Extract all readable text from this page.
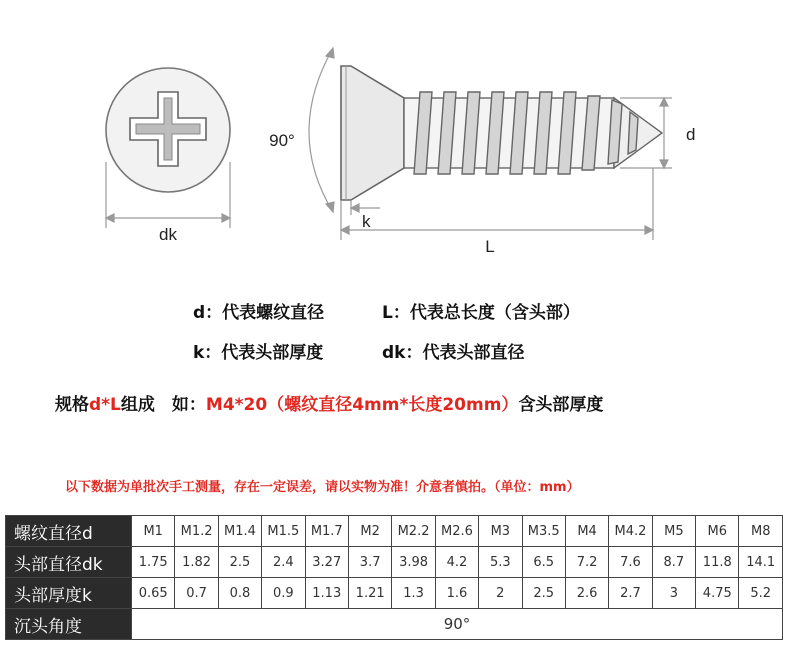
dk
90°	d
k
L
d：代表螺纹直径	L：代表总长度（含头部）
k：代表头部厚度	dk：代表头部直径
规格d*L组成　如：M4*20（螺纹直径4mm*长度20mm）含头部厚度
以下数据为单批次手工测量，存在一定误差，请以实物为准！介意者慎拍。（单位：mm）
螺纹直径d	M1	M1.2	M1.4	M1.5	M1.7	M2	M2.2	M2.6	M3	M3.5	M4	M4.2	M5	M6	M8
头部直径dk	1.75	1.82	2.5	2.4	3.27	3.7	3.98	4.2	5.3	6.5	7.2	7.6	8.7	11.8	14.1
头部厚度k	0.65	0.7	0.8	0.9	1.13	1.21	1.3	1.6	2	2.5	2.6	2.7	3	4.75	5.2
沉头角度	90°														
